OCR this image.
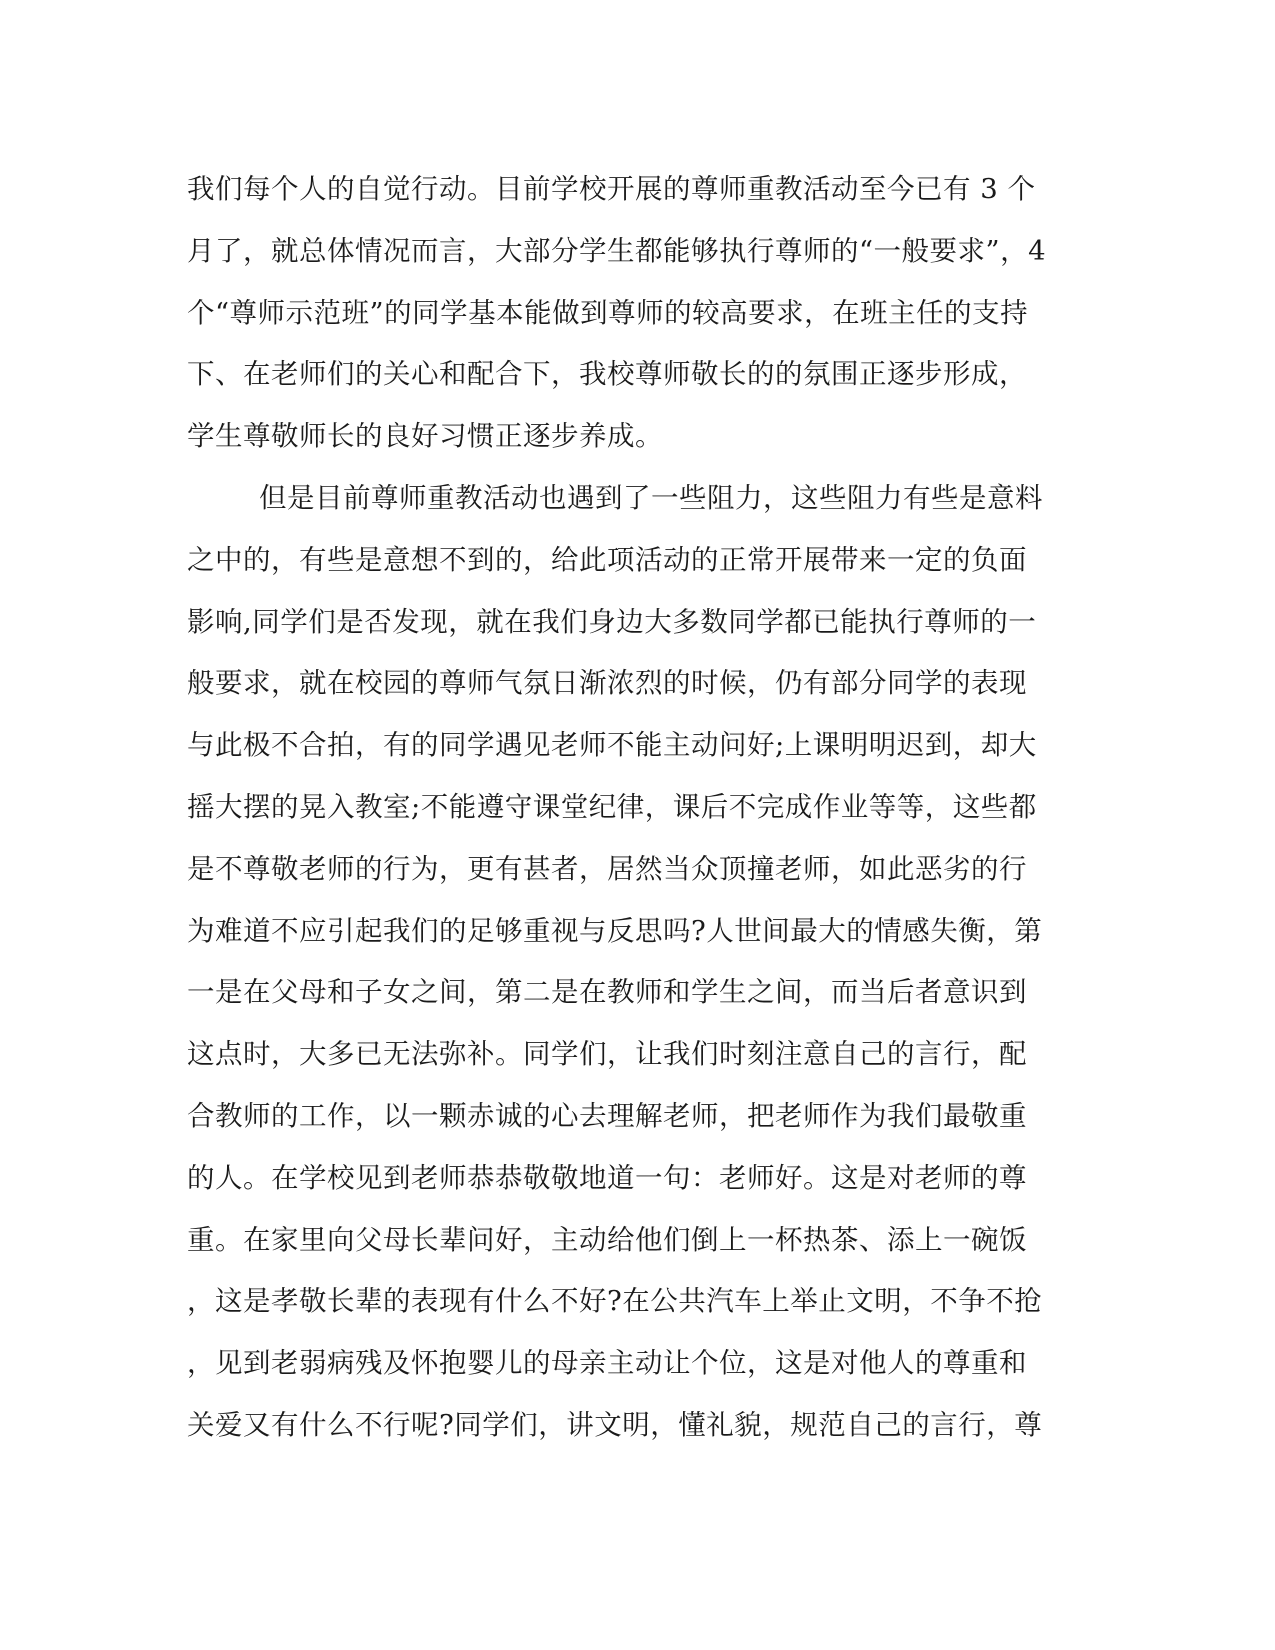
我们每个人的自觉行动。目前学校开展的尊师重教活动至今已有 3 个
月了，就总体情况而言，大部分学生都能够执行尊师的“一般要求”，4
个“尊师示范班”的同学基本能做到尊师的较高要求，在班主任的支持
下、在老师们的关心和配合下，我校尊师敬长的的氛围正逐步形成，
学生尊敬师长的良好习惯正逐步养成。
但是目前尊师重教活动也遇到了一些阻力，这些阻力有些是意料
之中的，有些是意想不到的，给此项活动的正常开展带来一定的负面
影响,同学们是否发现，就在我们身边大多数同学都已能执行尊师的一
般要求，就在校园的尊师气氛日渐浓烈的时候，仍有部分同学的表现
与此极不合拍，有的同学遇见老师不能主动问好;上课明明迟到，却大
摇大摆的晃入教室;不能遵守课堂纪律，课后不完成作业等等，这些都
是不尊敬老师的行为，更有甚者，居然当众顶撞老师，如此恶劣的行
为难道不应引起我们的足够重视与反思吗?人世间最大的情感失衡，第
一是在父母和子女之间，第二是在教师和学生之间，而当后者意识到
这点时，大多已无法弥补。同学们，让我们时刻注意自己的言行，配
合教师的工作，以一颗赤诚的心去理解老师，把老师作为我们最敬重
的人。在学校见到老师恭恭敬敬地道一句：老师好。这是对老师的尊
重。在家里向父母长辈问好，主动给他们倒上一杯热茶、添上一碗饭
，这是孝敬长辈的表现有什么不好?在公共汽车上举止文明，不争不抢
，见到老弱病残及怀抱婴儿的母亲主动让个位，这是对他人的尊重和
关爱又有什么不行呢?同学们，讲文明，懂礼貌，规范自己的言行，尊
